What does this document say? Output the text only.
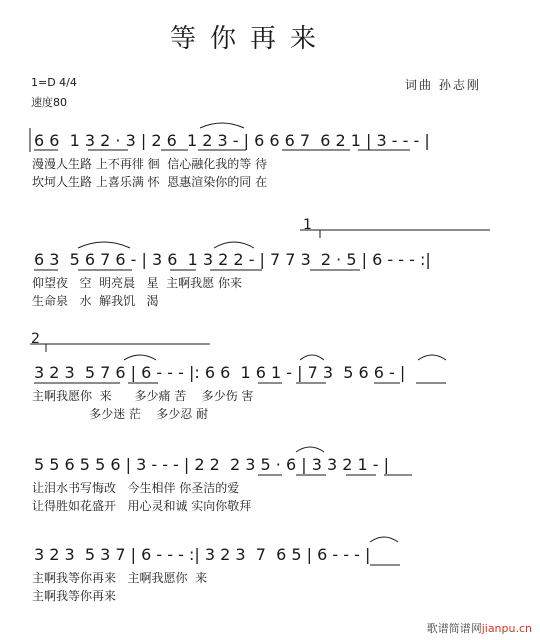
等你再来
1=D 4/4
速度80
词曲 孙志刚
6 6  1 3 2 · 3 | 2 6  1 2 3 - | 6 6 6 7  6 2 1 | 3 - - - |
漫漫人生路 上不再徘 徊  信心融化我的等 待
坎坷人生路 上喜乐满 怀  恩惠渲染你的同 在
1
6 3  5 6 7 6 - | 3 6  1 3 2 2 - | 7 7 3  2 · 5 | 6 - - - :|
仰望夜   空  明亮晨   星  主啊我愿 你来
生命泉   水  解我饥   渴
2
3 2 3  5 7 6 | 6 - - - |: 6 6  1 6 1 - | 7 3  5 6 6 - |
主啊我愿你  来      多少痛 苦    多少伤 害
多少迷 茫    多少忍 耐
5 5 6 5 5 6 | 3 - - - | 2 2  2 3 5 · 6 | 3 3 2 1 - |
让泪水书写悔改   今生相伴 你圣洁的爱
让得胜如花盛开   用心灵和诚 实向你敬拜
3 2 3  5 3 7 | 6 - - - :| 3 2 3  7  6 5 | 6 - - - |
主啊我等你再来   主啊我愿你  来
主啊我等你再来
歌谱简谱网jianpu.cn
